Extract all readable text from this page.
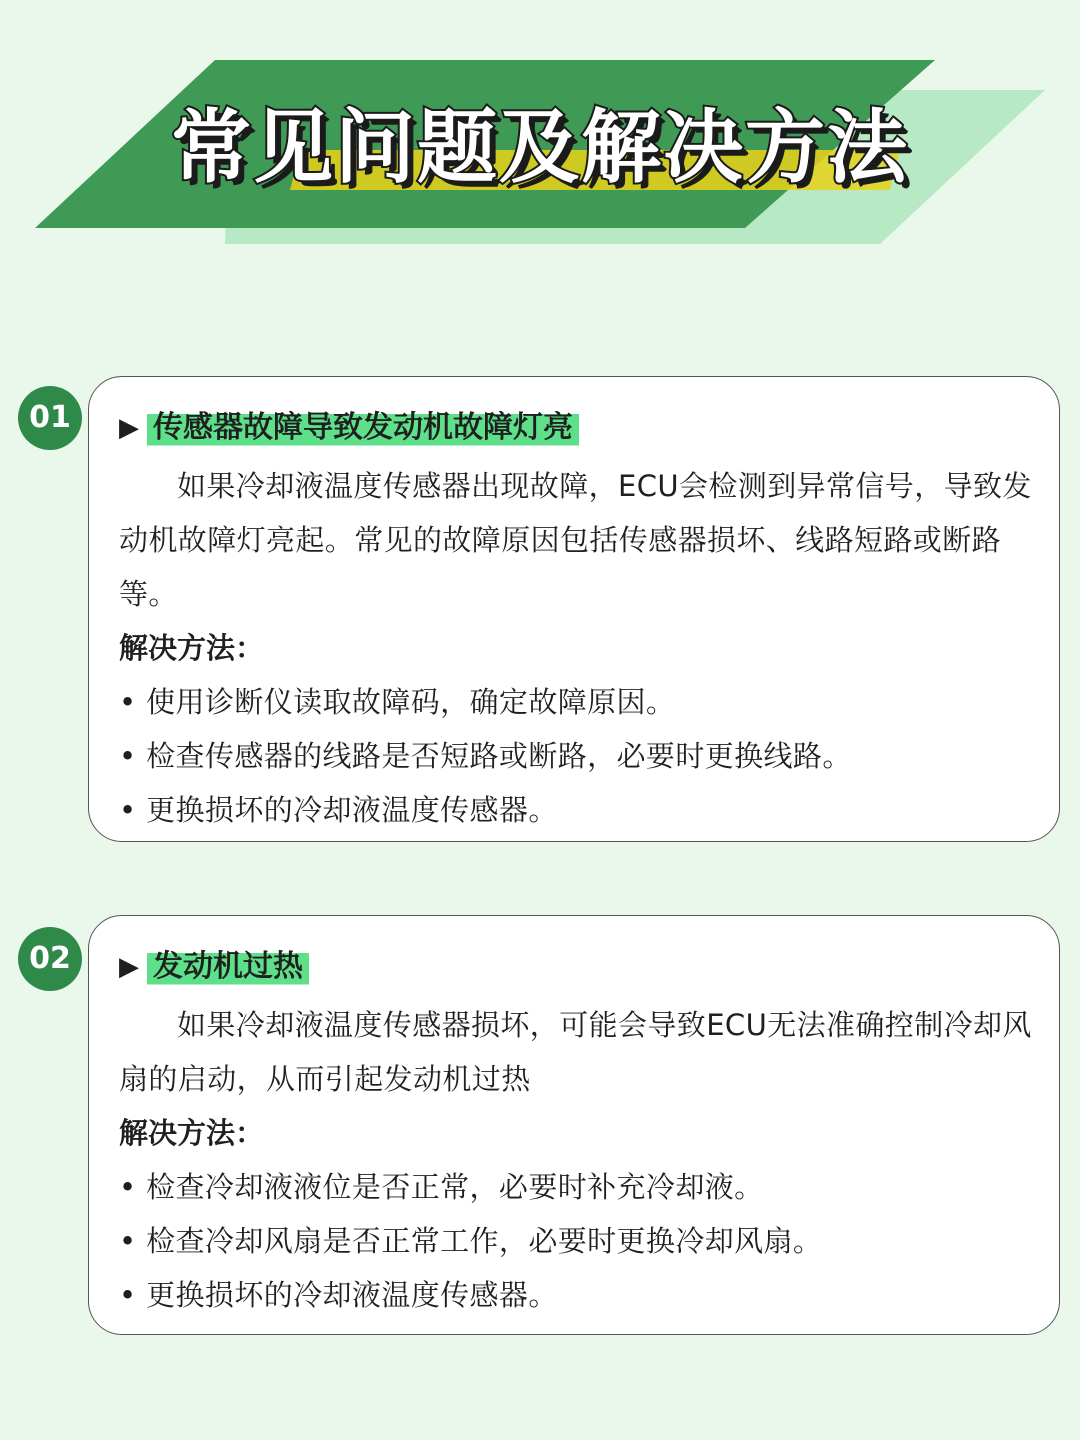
常见问题及解决方法
01	▶ 传感器故障导致发动机故障灯亮
如果冷却液温度传感器出现故障，ECU会检测到异常信号，导致发动机故障灯亮起。常见的故障原因包括传感器损坏、线路短路或断路等。
解决方法：
• 使用诊断仪读取故障码，确定故障原因。
• 检查传感器的线路是否短路或断路，必要时更换线路。
• 更换损坏的冷却液温度传感器。
02	▶ 发动机过热
如果冷却液温度传感器损坏，可能会导致ECU无法准确控制冷却风扇的启动，从而引起发动机过热
解决方法：
• 检查冷却液液位是否正常，必要时补充冷却液。
• 检查冷却风扇是否正常工作，必要时更换冷却风扇。
• 更换损坏的冷却液温度传感器。
